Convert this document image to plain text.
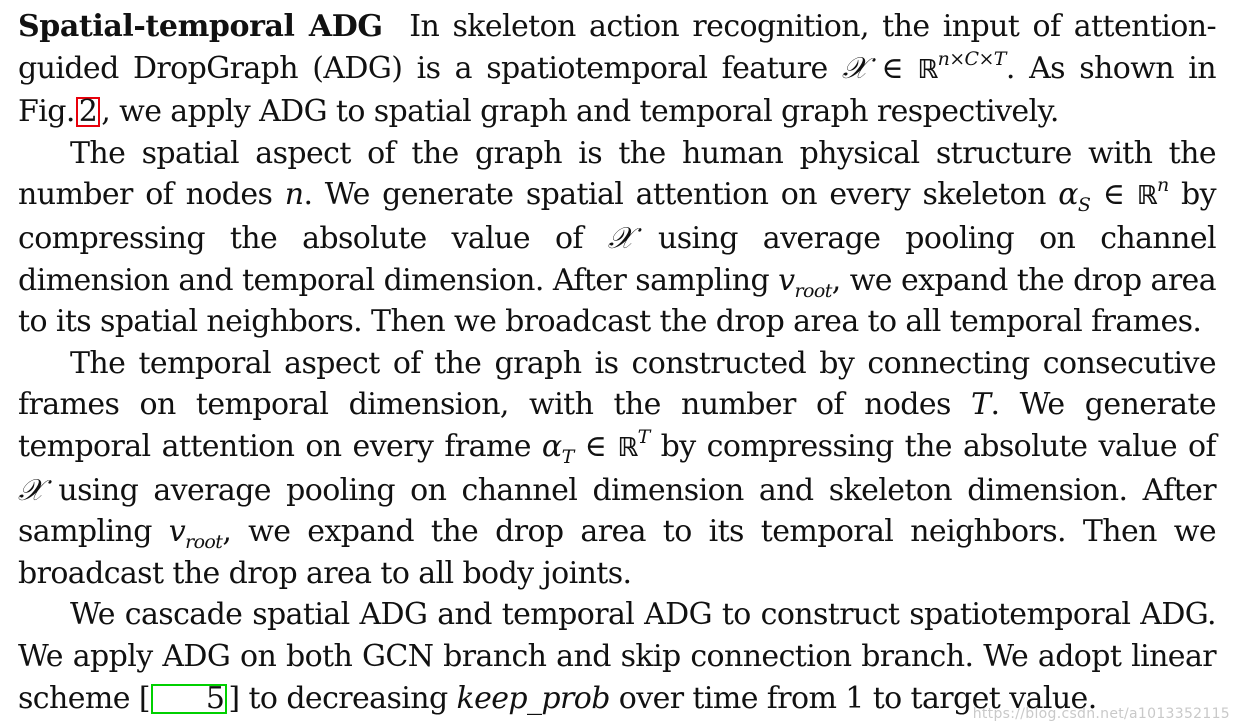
Spatial-temporal ADG In skeleton action recognition, the input of attention-guided DropGraph (ADG) is a spatiotemporal feature 𝒳 ∈ ℝ$^{n\times C\times T}$. As shown in Fig. 2 , we apply ADG to spatial graph and temporal graph respectively.

The spatial aspect of the graph is the human physical structure with the number of nodes n. We generate spatial attention on every skeleton $\alpha_S$ ∈ ℝ$^n$ by compressing the absolute value of 𝒳 using average pooling on channel dimension and temporal dimension. After sampling $v_{root}$, we expand the drop area to its spatial neighbors. Then we broadcast the drop area to all temporal frames.

The temporal aspect of the graph is constructed by connecting consecutive frames on temporal dimension, with the number of nodes T. We generate temporal attention on every frame $\alpha_T$ ∈ ℝ$^T$ by compressing the absolute value of 𝒳 using average pooling on channel dimension and skeleton dimension. After sampling $v_{root}$, we expand the drop area to its temporal neighbors. Then we broadcast the drop area to all body joints.

We cascade spatial ADG and temporal ADG to construct spatiotemporal ADG. We apply ADG on both GCN branch and skip connection branch. We adopt linear scheme [ 5 ] to decreasing keep_prob over time from 1 to target value.

https://blog.csdn.net/a1013352115
